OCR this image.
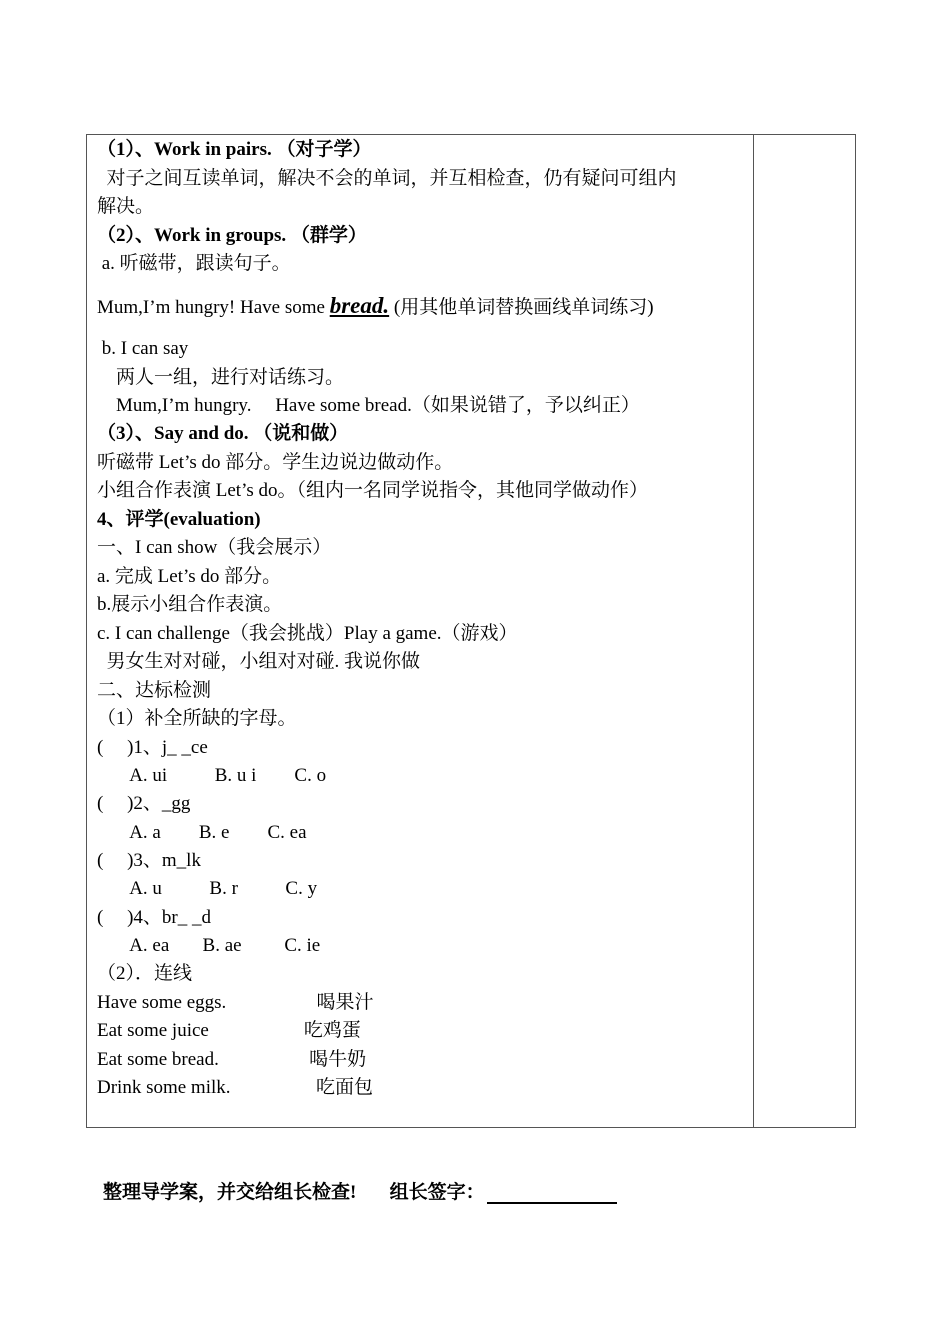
（1）、Work in pairs. （对子学）
对子之间互读单词，解决不会的单词，并互相检查，仍有疑问可组内
解决。
（2）、Work in groups. （群学）
a. 听磁带，跟读句子。
Mum,I’m hungry! Have some bread. (用其他单词替换画线单词练习)
b. I can say
两人一组，进行对话练习。
Mum,I’m hungry.     Have some bread.（如果说错了，予以纠正）
（3）、Say and do. （说和做）
听磁带 Let’s do 部分。学生边说边做动作。
小组合作表演 Let’s do。（组内一名同学说指令，其他同学做动作）
4、评学(evaluation)
一、I can show（我会展示）
a. 完成 Let’s do 部分。
b.展示小组合作表演。
c. I can challenge（我会挑战）Play a game.（游戏）
男女生对对碰，小组对对碰. 我说你做
二、达标检测
（1）补全所缺的字母。
(     )1、j_ _ce
A. ui          B. u i        C. o
(     )2、_gg
A. a        B. e        C. ea
(     )3、m_lk
A. u          B. r          C. y
(     )4、br_ _d
A. ea       B. ae         C. ie
（2）．连线
Have some eggs.                   喝果汁
Eat some juice                    吃鸡蛋
Eat some bread.                   喝牛奶
Drink some milk.                  吃面包
整理导学案，并交给组长检查!       组长签字：
